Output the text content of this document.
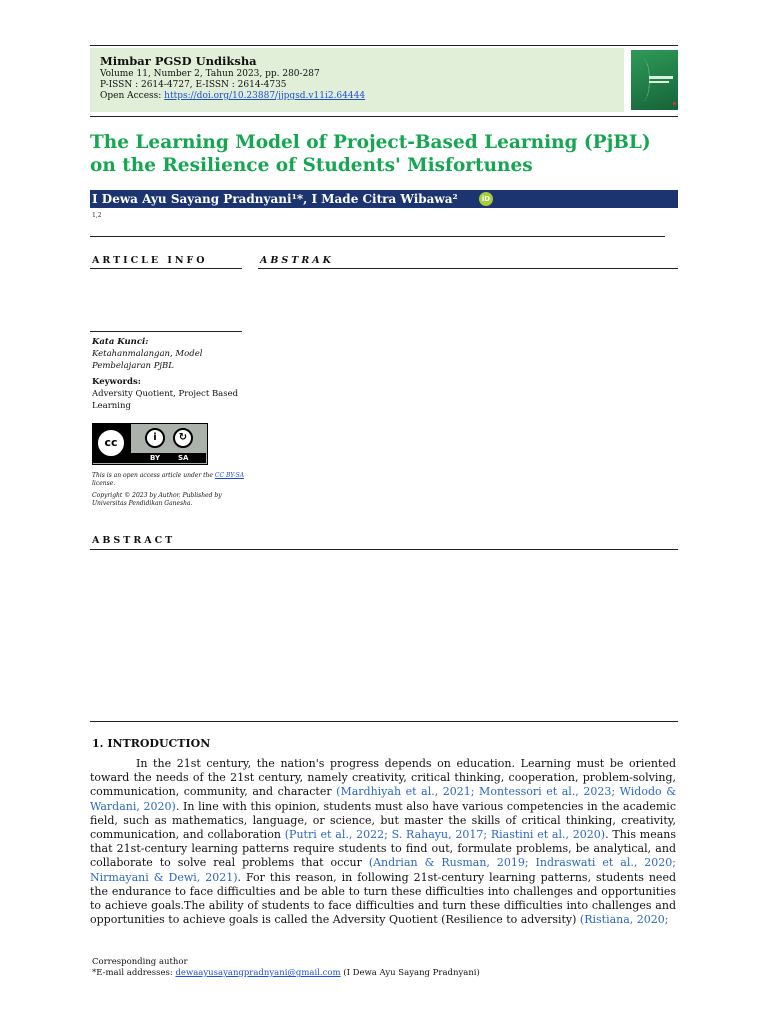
Mimbar PGSD Undiksha
Volume 11, Number 2, Tahun 2023, pp. 280-287
P-ISSN : 2614-4727, E-ISSN : 2614-4735
Open Access: https://doi.org/10.23887/jjpgsd.v11i2.64444
The Learning Model of Project-Based Learning (PjBL) on the Resilience of Students' Misfortunes
I Dewa Ayu Sayang Pradnyani¹*, I Made Citra Wibawa²	iD
1,2
ARTICLE INFO	ABSTRAK
Kata Kunci:
Ketahanmalangan, Model Pembelajaran PjBL
Keywords:
Adversity Quotient, Project Based Learning
cc	i	↻
BY	SA
This is an open access article under the CC BY-SA license.
Copyright © 2023 by Author. Published by Universitas Pendidikan Ganesha.
ABSTRACT
1. INTRODUCTION
In the 21st century, the nation's progress depends on education. Learning must be oriented toward the needs of the 21st century, namely creativity, critical thinking, cooperation, problem-solving, communication, community, and character (Mardhiyah et al., 2021; Montessori et al., 2023; Widodo & Wardani, 2020). In line with this opinion, students must also have various competencies in the academic field, such as mathematics, language, or science, but master the skills of critical thinking, creativity, communication, and collaboration (Putri et al., 2022; S. Rahayu, 2017; Riastini et al., 2020). This means that 21st-century learning patterns require students to find out, formulate problems, be analytical, and collaborate to solve real problems that occur (Andrian & Rusman, 2019; Indraswati et al., 2020; Nirmayani & Dewi, 2021). For this reason, in following 21st-century learning patterns, students need the endurance to face difficulties and be able to turn these difficulties into challenges and opportunities to achieve goals.The ability of students to face difficulties and turn these difficulties into challenges and opportunities to achieve goals is called the Adversity Quotient (Resilience to adversity) (Ristiana, 2020;
Corresponding author
*E-mail addresses: dewaayusayangpradnyani@gmail.com (I Dewa Ayu Sayang Pradnyani)
